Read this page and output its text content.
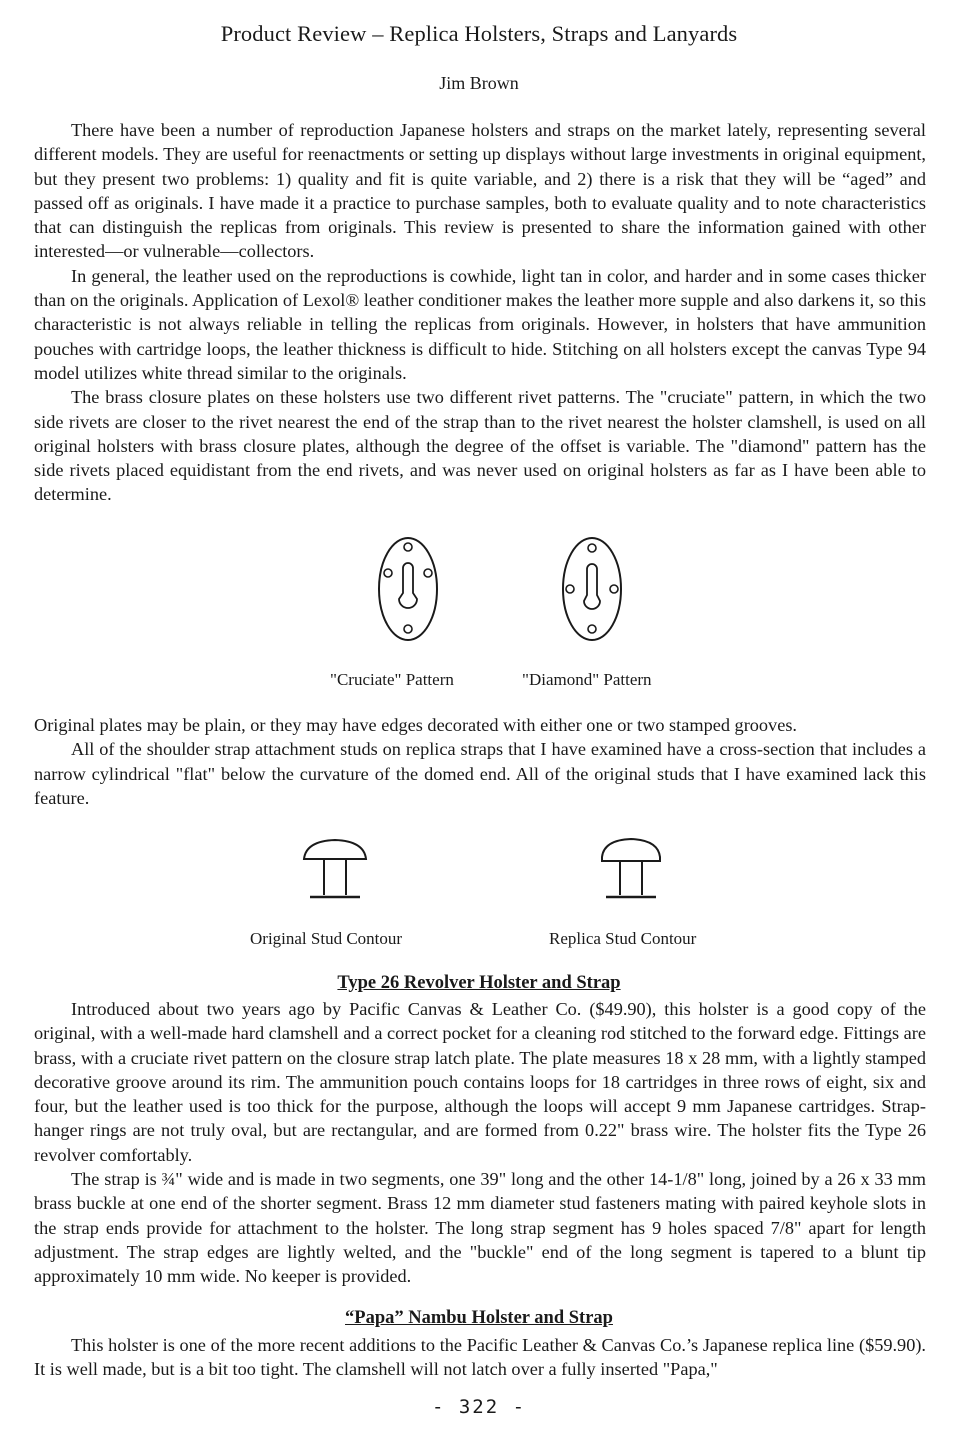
Product Review – Replica Holsters, Straps and Lanyards
Jim Brown

There have been a number of reproduction Japanese holsters and straps on the market lately, representing several different models. They are useful for reenactments or setting up displays without large investments in original equipment, but they present two problems: 1) quality and fit is quite variable, and 2) there is a risk that they will be “aged” and passed off as originals. I have made it a practice to purchase samples, both to evaluate quality and to note characteristics that can distinguish the replicas from originals. This review is presented to share the information gained with other interested—or vulnerable—collectors.

In general, the leather used on the reproductions is cowhide, light tan in color, and harder and in some cases thicker than on the originals. Application of Lexol® leather conditioner makes the leather more supple and also darkens it, so this characteristic is not always reliable in telling the replicas from originals. However, in holsters that have ammunition pouches with cartridge loops, the leather thickness is difficult to hide. Stitching on all holsters except the canvas Type 94 model utilizes white thread similar to the originals.

The brass closure plates on these holsters use two different rivet patterns. The "cruciate" pattern, in which the two side rivets are closer to the rivet nearest the end of the strap than to the rivet nearest the holster clamshell, is used on all original holsters with brass closure plates, although the degree of the offset is variable. The "diamond" pattern has the side rivets placed equidistant from the end rivets, and was never used on original holsters as far as I have been able to determine.

"Cruciate" Pattern	"Diamond" Pattern

Original plates may be plain, or they may have edges decorated with either one or two stamped grooves.

All of the shoulder strap attachment studs on replica straps that I have examined have a cross-section that includes a narrow cylindrical "flat" below the curvature of the domed end. All of the original studs that I have examined lack this feature.

Original Stud Contour	Replica Stud Contour
Type 26 Revolver Holster and Strap

Introduced about two years ago by Pacific Canvas & Leather Co. ($49.90), this holster is a good copy of the original, with a well-made hard clamshell and a correct pocket for a cleaning rod stitched to the forward edge. Fittings are brass, with a cruciate rivet pattern on the closure strap latch plate. The plate measures 18 x 28 mm, with a lightly stamped decorative groove around its rim. The ammunition pouch contains loops for 18 cartridges in three rows of eight, six and four, but the leather used is too thick for the purpose, although the loops will accept 9 mm Japanese cartridges. Strap-hanger rings are not truly oval, but are rectangular, and are formed from 0.22" brass wire. The holster fits the Type 26 revolver comfortably.

The strap is ¾" wide and is made in two segments, one 39" long and the other 14-1/8" long, joined by a 26 x 33 mm brass buckle at one end of the shorter segment. Brass 12 mm diameter stud fasteners mating with paired keyhole slots in the strap ends provide for attachment to the holster. The long strap segment has 9 holes spaced 7/8" apart for length adjustment. The strap edges are lightly welted, and the "buckle" end of the long segment is tapered to a blunt tip approximately 10 mm wide. No keeper is provided.

“Papa” Nambu Holster and Strap

This holster is one of the more recent additions to the Pacific Leather & Canvas Co.’s Japanese replica line ($59.90). It is well made, but is a bit too tight. The clamshell will not latch over a fully inserted "Papa,"

- 322 -
